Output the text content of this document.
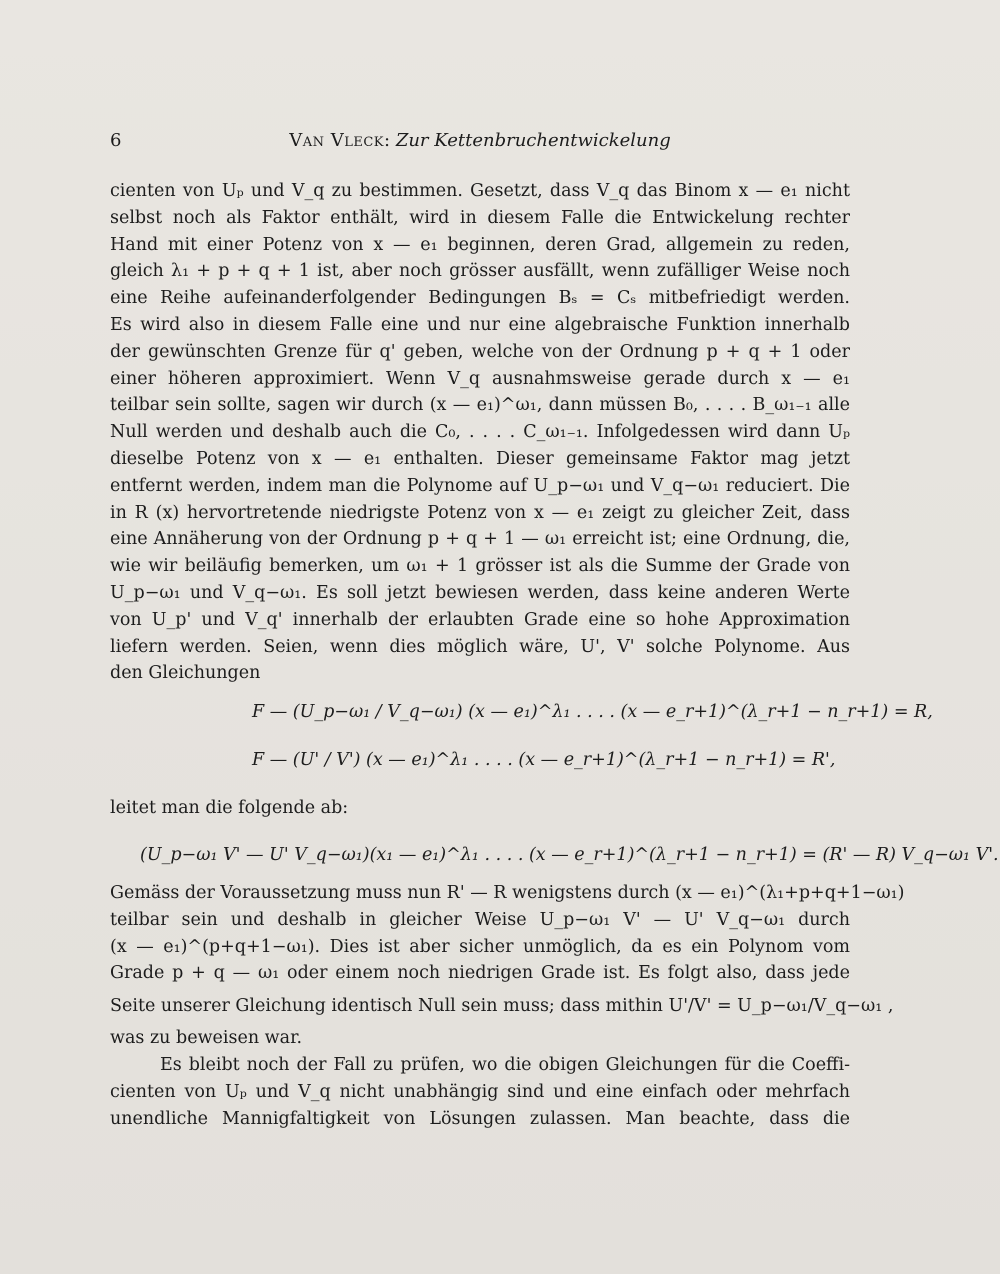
6	Van Vleck: Zur Kettenbruchentwickelung
cienten von Uₚ und V_q zu bestimmen. Gesetzt, dass V_q das Binom x — e₁ nicht
selbst noch als Faktor enthält, wird in diesem Falle die Entwickelung rechter
Hand mit einer Potenz von x — e₁ beginnen, deren Grad, allgemein zu reden,
gleich λ₁ + p + q + 1 ist, aber noch grösser ausfällt, wenn zufälliger Weise noch
eine Reihe aufeinanderfolgender Bedingungen Bₛ = Cₛ mitbefriedigt werden.
Es wird also in diesem Falle eine und nur eine algebraische Funktion innerhalb
der gewünschten Grenze für q' geben, welche von der Ordnung p + q + 1 oder
einer höheren approximiert. Wenn V_q ausnahmsweise gerade durch x — e₁
teilbar sein sollte, sagen wir durch (x — e₁)^ω₁, dann müssen B₀, . . . . B_ω₁₋₁ alle
Null werden und deshalb auch die C₀, . . . . C_ω₁₋₁. Infolgedessen wird dann Uₚ
dieselbe Potenz von x — e₁ enthalten. Dieser gemeinsame Faktor mag jetzt
entfernt werden, indem man die Polynome auf U_p−ω₁ und V_q−ω₁ reduciert. Die
in R (x) hervortretende niedrigste Potenz von x — e₁ zeigt zu gleicher Zeit, dass
eine Annäherung von der Ordnung p + q + 1 — ω₁ erreicht ist; eine Ordnung, die,
wie wir beiläufig bemerken, um ω₁ + 1 grösser ist als die Summe der Grade von
U_p−ω₁ und V_q−ω₁. Es soll jetzt bewiesen werden, dass keine anderen Werte
von U_p' und V_q' innerhalb der erlaubten Grade eine so hohe Approximation
liefern werden. Seien, wenn dies möglich wäre, U', V' solche Polynome. Aus
den Gleichungen
F — (U_p−ω₁ / V_q−ω₁) (x — e₁)^λ₁ . . . . (x — e_r+1)^(λ_r+1 − n_r+1) = R,
F — (U' / V') (x — e₁)^λ₁ . . . . (x — e_r+1)^(λ_r+1 − n_r+1) = R',
leitet man die folgende ab:
(U_p−ω₁ V' — U' V_q−ω₁)(x₁ — e₁)^λ₁ . . . . (x — e_r+1)^(λ_r+1 − n_r+1) = (R' — R) V_q−ω₁ V'.
Gemäss der Voraussetzung muss nun R' — R wenigstens durch (x — e₁)^(λ₁+p+q+1−ω₁)
teilbar sein und deshalb in gleicher Weise U_p−ω₁ V' — U' V_q−ω₁ durch
(x — e₁)^(p+q+1−ω₁). Dies ist aber sicher unmöglich, da es ein Polynom vom
Grade p + q — ω₁ oder einem noch niedrigen Grade ist. Es folgt also, dass jede
Seite unserer Gleichung identisch Null sein muss; dass mithin U'/V' = U_p−ω₁/V_q−ω₁ ,
was zu beweisen war.
Es bleibt noch der Fall zu prüfen, wo die obigen Gleichungen für die Coeffi-
cienten von Uₚ und V_q nicht unabhängig sind und eine einfach oder mehrfach
unendliche Mannigfaltigkeit von Lösungen zulassen. Man beachte, dass die
